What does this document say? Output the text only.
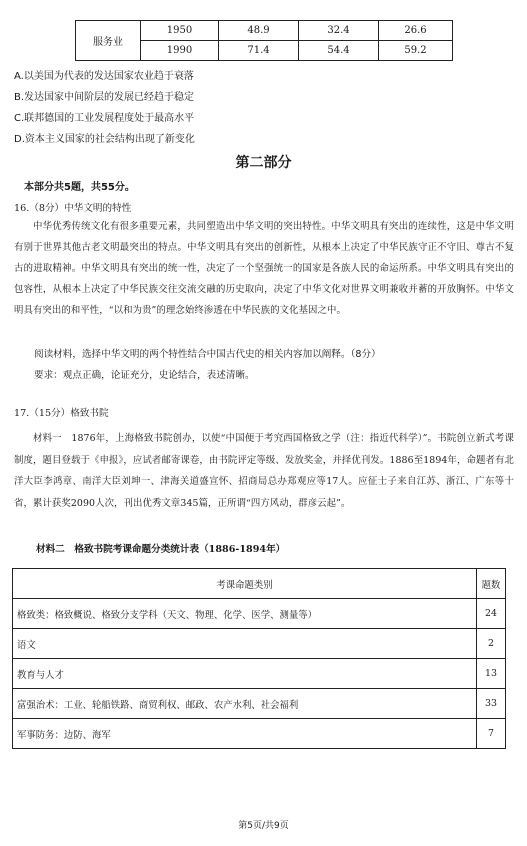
服务业	1950	48.9	32.4	26.6
	1990	71.4	54.4	59.2
A.以美国为代表的发达国家农业趋于衰落
B.发达国家中间阶层的发展已经趋于稳定
C.联邦德国的工业发展程度处于最高水平
D.资本主义国家的社会结构出现了新变化
第二部分
本部分共5题，共55分。
16.（8分）中华文明的特性
中华优秀传统文化有很多重要元素，共同塑造出中华文明的突出特性。中华文明具有突出的连续性，这是中华文明有别于世界其他古老文明最突出的特点。中华文明具有突出的创新性，从根本上决定了中华民族守正不守旧、尊古不复古的进取精神。中华文明具有突出的统一性，决定了一个坚强统一的国家是各族人民的命运所系。中华文明具有突出的包容性，从根本上决定了中华民族交往交流交融的历史取向，决定了中华文化对世界文明兼收并蓄的开放胸怀。中华文明具有突出的和平性，“以和为贵”的理念始终渗透在中华民族的文化基因之中。
阅读材料，选择中华文明的两个特性结合中国古代史的相关内容加以阐释。（8分）
要求：观点正确，论证充分，史论结合，表述清晰。
17.（15分）格致书院
材料一　1876年，上海格致书院创办，以使“中国便于考究西国格致之学（注：指近代科学）”。书院创立新式考课制度，题目登载于《申报》，应试者邮寄课卷，由书院评定等级、发放奖金，并择优刊发。1886至1894年，命题者有北洋大臣李鸿章、南洋大臣刘坤一、津海关道盛宣怀、招商局总办郑观应等17人。应征士子来自江苏、浙江、广东等十省，累计获奖2090人次，刊出优秀文章345篇，正所谓“四方风动，群彦云起”。
材料二　格致书院考课命题分类统计表（1886-1894年）
考课命题类别	题数
格致类：格致概说、格致分支学科（天文、物理、化学、医学、测量等）	24
语文	2
教育与人才	13
富强治术：工业、轮船铁路、商贸利权、邮政、农产水利、社会福利	33
军事防务：边防、海军	7
第5页/共9页
